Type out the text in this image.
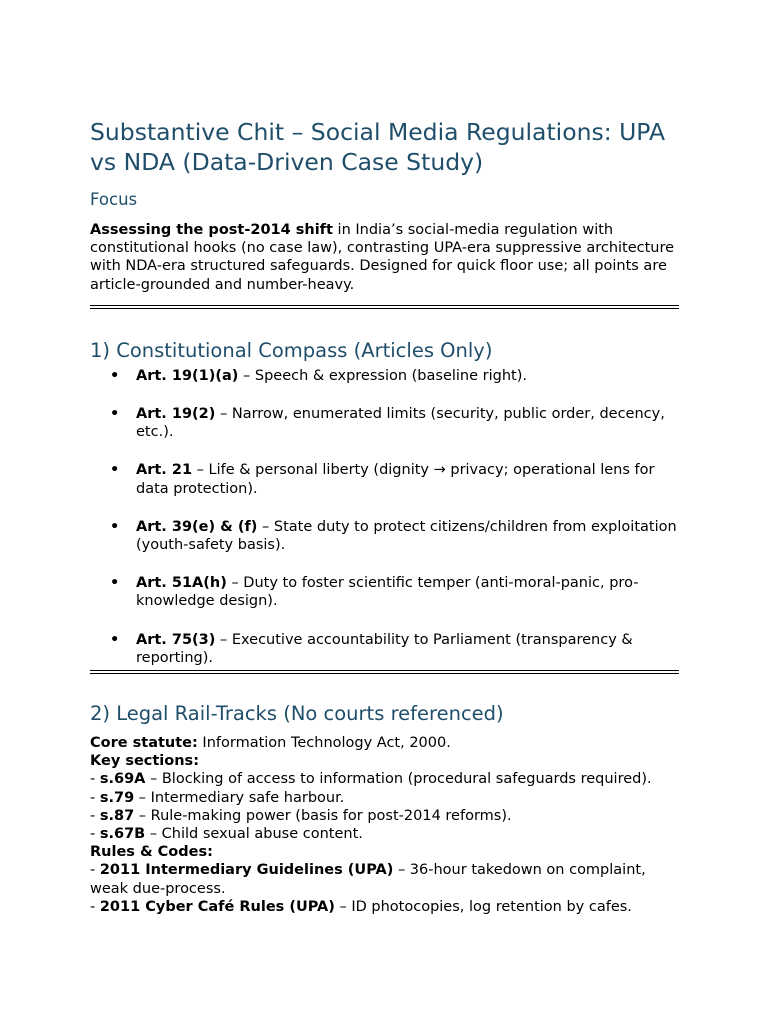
Substantive Chit – Social Media Regulations: UPA vs NDA (Data-Driven Case Study)
Focus

Assessing the post-2014 shift in India’s social-media regulation with constitutional hooks (no case law), contrasting UPA-era suppressive architecture with NDA-era structured safeguards. Designed for quick floor use; all points are article-grounded and number-heavy.

1) Constitutional Compass (Articles Only)
• Art. 19(1)(a) – Speech & expression (baseline right).
• Art. 19(2) – Narrow, enumerated limits (security, public order, decency, etc.).
• Art. 21 – Life & personal liberty (dignity → privacy; operational lens for data protection).
• Art. 39(e) & (f) – State duty to protect citizens/children from exploitation (youth-safety basis).
• Art. 51A(h) – Duty to foster scientific temper (anti-moral-panic, pro-knowledge design).
• Art. 75(3) – Executive accountability to Parliament (transparency & reporting).
2) Legal Rail-Tracks (No courts referenced)
Core statute: Information Technology Act, 2000.
Key sections:
- s.69A – Blocking of access to information (procedural safeguards required).
- s.79 – Intermediary safe harbour.
- s.87 – Rule-making power (basis for post-2014 reforms).
- s.67B – Child sexual abuse content.
Rules & Codes:
- 2011 Intermediary Guidelines (UPA) – 36-hour takedown on complaint, weak due-process.
- 2011 Cyber Café Rules (UPA) – ID photocopies, log retention by cafes.
